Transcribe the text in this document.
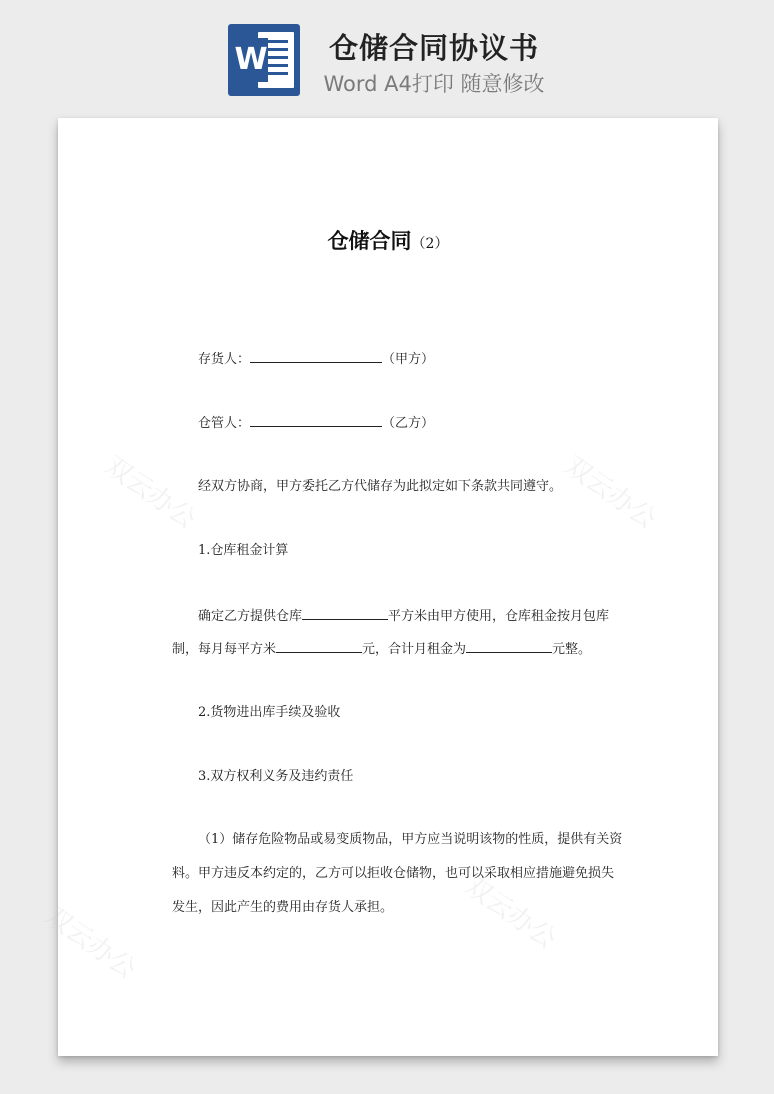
W	仓储合同协议书
Word A4打印 随意修改
双云办公	双云办公
双云办公	双云办公
仓储合同（2）
存货人：	（甲方）
仓管人：	（乙方）
经双方协商，甲方委托乙方代储存为此拟定如下条款共同遵守。
1.仓库租金计算
确定乙方提供仓库	平方米由甲方使用，仓库租金按月包库
制，每月每平方米	元，合计月租金为	元整。
2.货物进出库手续及验收
3.双方权利义务及违约责任
（1）储存危险物品或易变质物品，甲方应当说明该物的性质，提供有关资
料。甲方违反本约定的，乙方可以拒收仓储物，也可以采取相应措施避免损失
发生，因此产生的费用由存货人承担。
